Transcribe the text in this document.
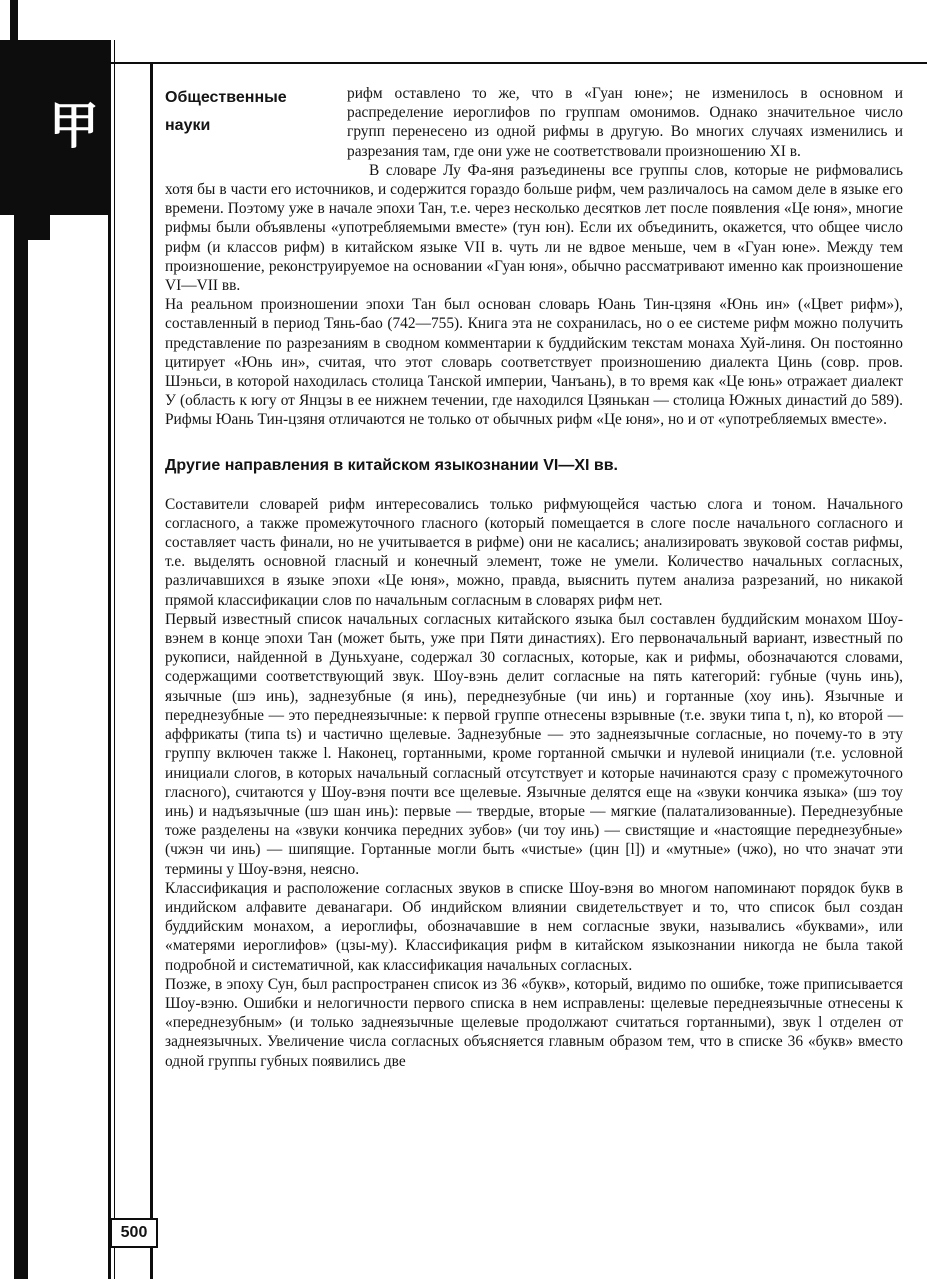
甲	Общественные науки

рифм оставлено то же, что в «Гуан юне»; не изменилось в основном и распределение иероглифов по группам омонимов. Однако значительное число групп перенесено из одной рифмы в другую. Во многих случаях изменились и разрезания там, где они уже не соответствовали произношению XI в.

В словаре Лу Фа-яня разъединены все группы слов, которые не рифмовались хотя бы в части его источников, и содержится гораздо больше рифм, чем различалось на самом деле в языке его времени. Поэтому уже в начале эпохи Тан, т.е. через несколько десятков лет после появления «Це юня», многие рифмы были объявлены «употребляемыми вместе» (тун юн). Если их объединить, окажется, что общее число рифм (и классов рифм) в китайском языке VII в. чуть ли не вдвое меньше, чем в «Гуан юне». Между тем произношение, реконструируемое на основании «Гуан юня», обычно рассматривают именно как произношение VI—VII вв.

На реальном произношении эпохи Тан был основан словарь Юань Тин-цзяня «Юнь ин» («Цвет рифм»), составленный в период Тянь-бао (742—755). Книга эта не сохранилась, но о ее системе рифм можно получить представление по разрезаниям в сводном комментарии к буддийским текстам монаха Хуй-линя. Он постоянно цитирует «Юнь ин», считая, что этот словарь соответствует произношению диалекта Цинь (совр. пров. Шэньси, в которой находилась столица Танской империи, Чанъань), в то время как «Це юнь» отражает диалект У (область к югу от Янцзы в ее нижнем течении, где находился Цзянькан — столица Южных династий до 589). Рифмы Юань Тин-цзяня отличаются не только от обычных рифм «Це юня», но и от «употребляемых вместе».

Другие направления в китайском языкознании VI—XI вв.

Составители словарей рифм интересовались только рифмующейся частью слога и тоном. Начального согласного, а также промежуточного гласного (который помещается в слоге после начального согласного и составляет часть финали, но не учитывается в рифме) они не касались; анализировать звуковой состав рифмы, т.е. выделять основной гласный и конечный элемент, тоже не умели. Количество начальных согласных, различавшихся в языке эпохи «Це юня», можно, правда, выяснить путем анализа разрезаний, но никакой прямой классификации слов по начальным согласным в словарях рифм нет.

Первый известный список начальных согласных китайского языка был составлен буддийским монахом Шоу-вэнем в конце эпохи Тан (может быть, уже при Пяти династиях). Его первоначальный вариант, известный по рукописи, найденной в Дуньхуане, содержал 30 согласных, которые, как и рифмы, обозначаются словами, содержащими соответствующий звук. Шоу-вэнь делит согласные на пять категорий: губные (чунь инь), язычные (шэ инь), заднезубные (я инь), переднезубные (чи инь) и гортанные (хоу инь). Язычные и переднезубные — это переднеязычные: к первой группе отнесены взрывные (т.е. звуки типа t, n), ко второй — аффрикаты (типа ts) и частично щелевые. Заднезубные — это заднеязычные согласные, но почему-то в эту группу включен также l. Наконец, гортанными, кроме гортанной смычки и нулевой инициали (т.е. условной инициали слогов, в которых начальный согласный отсутствует и которые начинаются сразу с промежуточного гласного), считаются у Шоу-вэня почти все щелевые. Язычные делятся еще на «звуки кончика языка» (шэ тоу инь) и надъязычные (шэ шан инь): первые — твердые, вторые — мягкие (палатализованные). Переднезубные тоже разделены на «звуки кончика передних зубов» (чи тоу инь) — свистящие и «настоящие переднезубные» (чжэн чи инь) — шипящие. Гортанные могли быть «чистые» (цин [l]) и «мутные» (чжо), но что значат эти термины у Шоу-вэня, неясно.

Классификация и расположение согласных звуков в списке Шоу-вэня во многом напоминают порядок букв в индийском алфавите деванагари. Об индийском влиянии свидетельствует и то, что список был создан буддийским монахом, а иероглифы, обозначавшие в нем согласные звуки, назывались «буквами», или «матерями иероглифов» (цзы-му). Классификация рифм в китайском языкознании никогда не была такой подробной и систематичной, как классификация начальных согласных.

Позже, в эпоху Сун, был распространен список из 36 «букв», который, видимо по ошибке, тоже приписывается Шоу-вэню. Ошибки и нелогичности первого списка в нем исправлены: щелевые переднеязычные отнесены к «переднезубным» (и только заднеязычные щелевые продолжают считаться гортанными), звук l отделен от заднеязычных. Увеличение числа согласных объясняется главным образом тем, что в списке 36 «букв» вместо одной группы губных появились две

500
